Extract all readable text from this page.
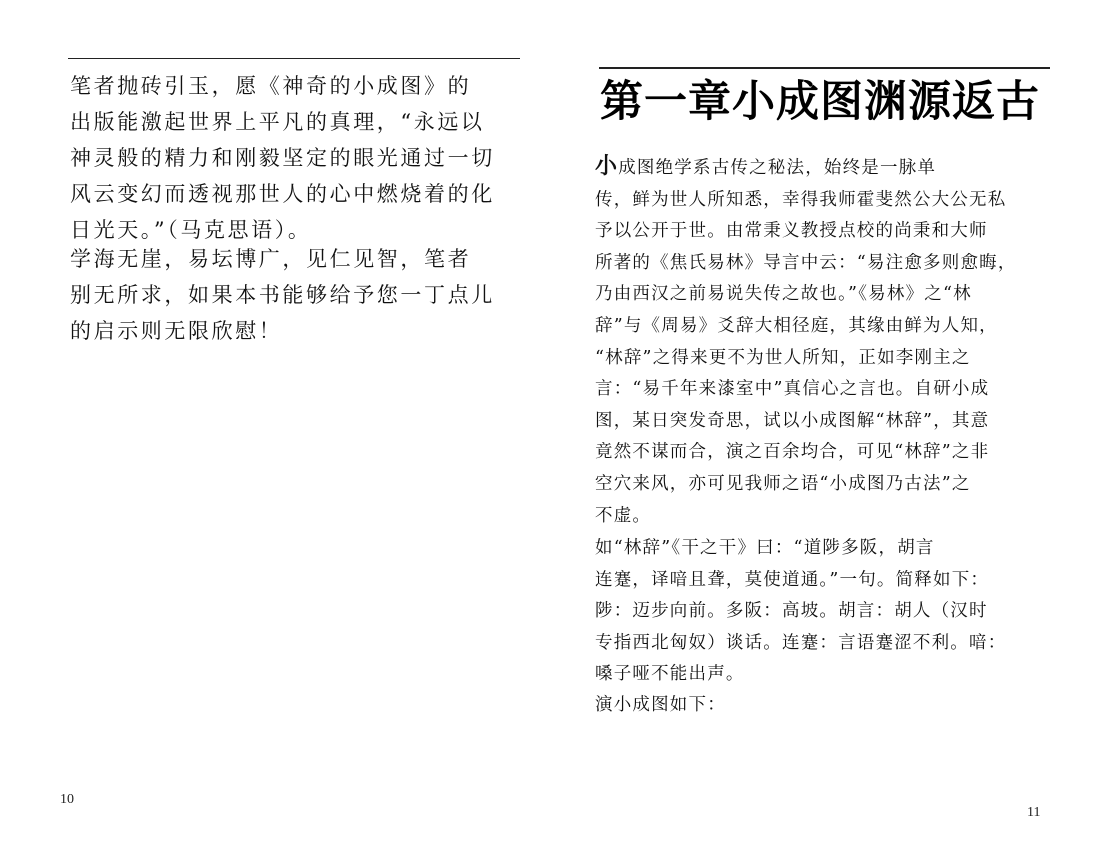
笔者抛砖引玉，愿《神奇的小成图》的
出版能激起世界上平凡的真理，“永远以
神灵般的精力和刚毅坚定的眼光通过一切
风云变幻而透视那世人的心中燃烧着的化
日光天。”（马克思语）。

学海无崖，易坛博广，见仁见智，笔者
别无所求，如果本书能够给予您一丁点儿
的启示则无限欣慰！

10

第一章小成图渊源返古

小成图绝学系古传之秘法，始终是一脉单
传，鲜为世人所知悉，幸得我师霍斐然公大公无私
予以公开于世。由常秉义教授点校的尚秉和大师
所著的《焦氏易林》导言中云：“易注愈多则愈晦，
乃由西汉之前易说失传之故也。”《易林》之“林
辞”与《周易》爻辞大相径庭，其缘由鲜为人知，
“林辞”之得来更不为世人所知，正如李刚主之
言：“易千年来漆室中”真信心之言也。自研小成
图，某日突发奇思，试以小成图解“林辞”，其意
竟然不谋而合，演之百余均合，可见“林辞”之非
空穴来风，亦可见我师之语“小成图乃古法”之
不虚。

如“林辞”《干之干》曰：“道陟多阪，胡言
连蹇，译喑且聋，莫使道通。”一句。简释如下：

陟：迈步向前。多阪：高坡。胡言：胡人（汉时
专指西北匈奴）谈话。连蹇：言语蹇涩不利。喑：
嗓子哑不能出声。

演小成图如下：

11
